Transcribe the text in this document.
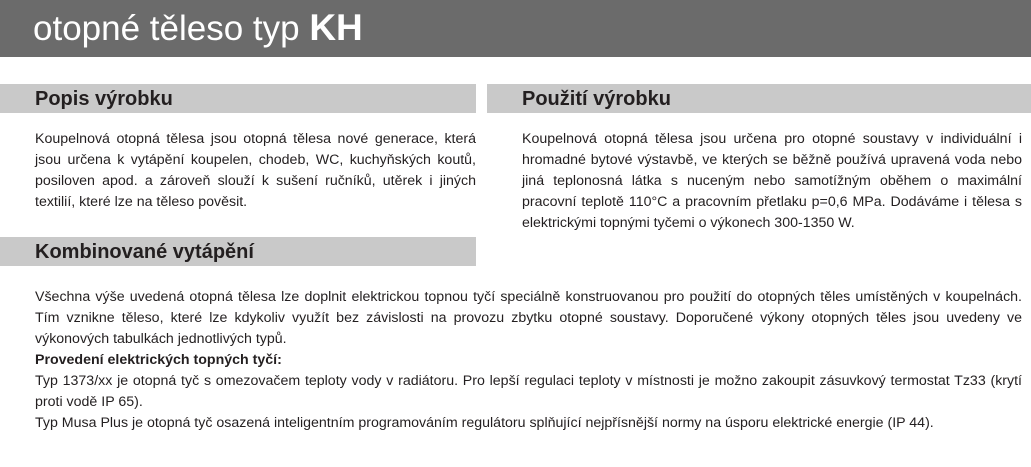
otopné těleso typ KH
Popis výrobku
Koupelnová otopná tělesa jsou otopná tělesa nové generace, která jsou určena k vytápění koupelen, chodeb, WC, kuchyňských koutů, posiloven apod. a zároveň slouží k sušení ručníků, utěrek i jiných textilií, které lze na těleso pověsit.
Použití výrobku
Koupelnová otopná tělesa jsou určena pro otopné soustavy v individuální i hromadné bytové výstavbě, ve kterých se běžně používá upravená voda nebo jiná teplonosná látka s nuceným nebo samotížným oběhem o maximální pracovní teplotě 110°C a pracovním přetlaku p=0,6 MPa. Dodáváme i tělesa s elektrickými topnými tyčemi o výkonech 300-1350 W.
Kombinované vytápění
Všechna výše uvedená otopná tělesa lze doplnit elektrickou topnou tyčí speciálně konstruovanou pro použití do otopných těles umístěných v koupelnách. Tím vznikne těleso, které lze kdykoliv využít bez závislosti na provozu zbytku otopné soustavy. Doporučené výkony otopných těles jsou uvedeny ve výkonových tabulkách jednotlivých typů.
Provedení elektrických topných tyčí:
Typ 1373/xx je otopná tyč s omezovačem teploty vody v radiátoru. Pro lepší regulaci teploty v místnosti je možno zakoupit zásuvkový termostat Tz33 (krytí proti vodě IP 65).
Typ Musa Plus je otopná tyč osazená inteligentním programováním regulátoru splňující nejpřísnější normy na úsporu elektrické energie (IP 44).
